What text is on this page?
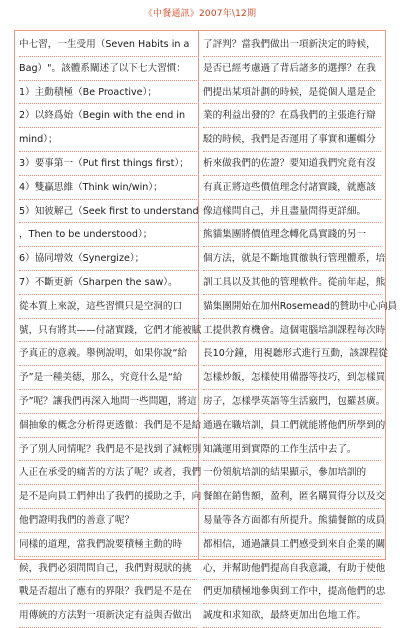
《中餐通訊》2007年\12期
中七習，一生受用（Seven Habits in a
Bag）"。該體系闡述了以下七大習慣：
1）主動積極（Be Proactive）；
2）以終爲始（Begin with the end in
mind）；
3）要事第一（Put first things first）；
4）雙贏思維（Think win/win）；
5）知彼解己（Seek first to understand
，Then to be understood）；
6）協同增效（Synergize）；
7）不斷更新（Sharpen the saw）。
從本質上來說，這些習慣只是空洞的口
號，只有將其——付諸實踐，它們才能被賦
予真正的意義。舉例說明，如果你說“給
予”是一種美德，那么，究竟什么是“給
予”呢？讓我們再深入地問一些問題，將這
個抽象的概念分析得更透徹：我們是不是給
予了別人同情呢？我們是不是找到了減輕別
人正在承受的痛苦的方法了呢？或者，我們
是不是向員工們伸出了我們的援助之手，向
他們證明我們的善意了呢？
同樣的道理，當我們說要積極主動的時
候，我們必須問問自己，我們對現狀的挑
戰是否超出了應有的界限？我們是不是在
用傳統的方法對一項新決定有益與否做出
了評判？當我們做出一項新決定的時候，
是否已經考慮過了背后諸多的選擇？在我
們提出某項計劃的時候，是從個人還是企
業的利益出發的？在爲我們的主張進行辯
駁的時候，我們是否運用了事實和邏輯分
析來做我們的佐證？要知道我們究竟有沒
有真正將這些價值理念付諸實踐，就應該
像這樣問自己，并且盡量問得更詳細。
熊貓集團將價值理念轉化爲實踐的另一
個方法，就是不斷地貫徹執行管理體系，培
訓工具以及其他的管理軟件。從前年起，熊
貓集團開始在加州Rosemead的贊助中心向員
工提供教育機會。這個電腦培訓課程每次時
長10分鐘，用視聽形式進行互動，該課程從
怎樣炒飯，怎樣使用備器等技巧，到怎樣買
房子，怎樣學英語等生活竅門，包羅甚廣。
通過在職培訓，員工們就能將他們所學到的
知識運用到實際的工作生活中去了。
一份領航培訓的結果顯示，參加培訓的
餐館在銷售額，盈利，匿名購買得分以及交
易量等各方面都有所提升。熊貓餐館的成員
都相信，通過讓員工們感受到來自企業的關
心，并幫助他們提高自我意識，有助于使他
們更加積極地參與到工作中，提高他們的忠
誠度和求知欲，最終更加出色地工作。
